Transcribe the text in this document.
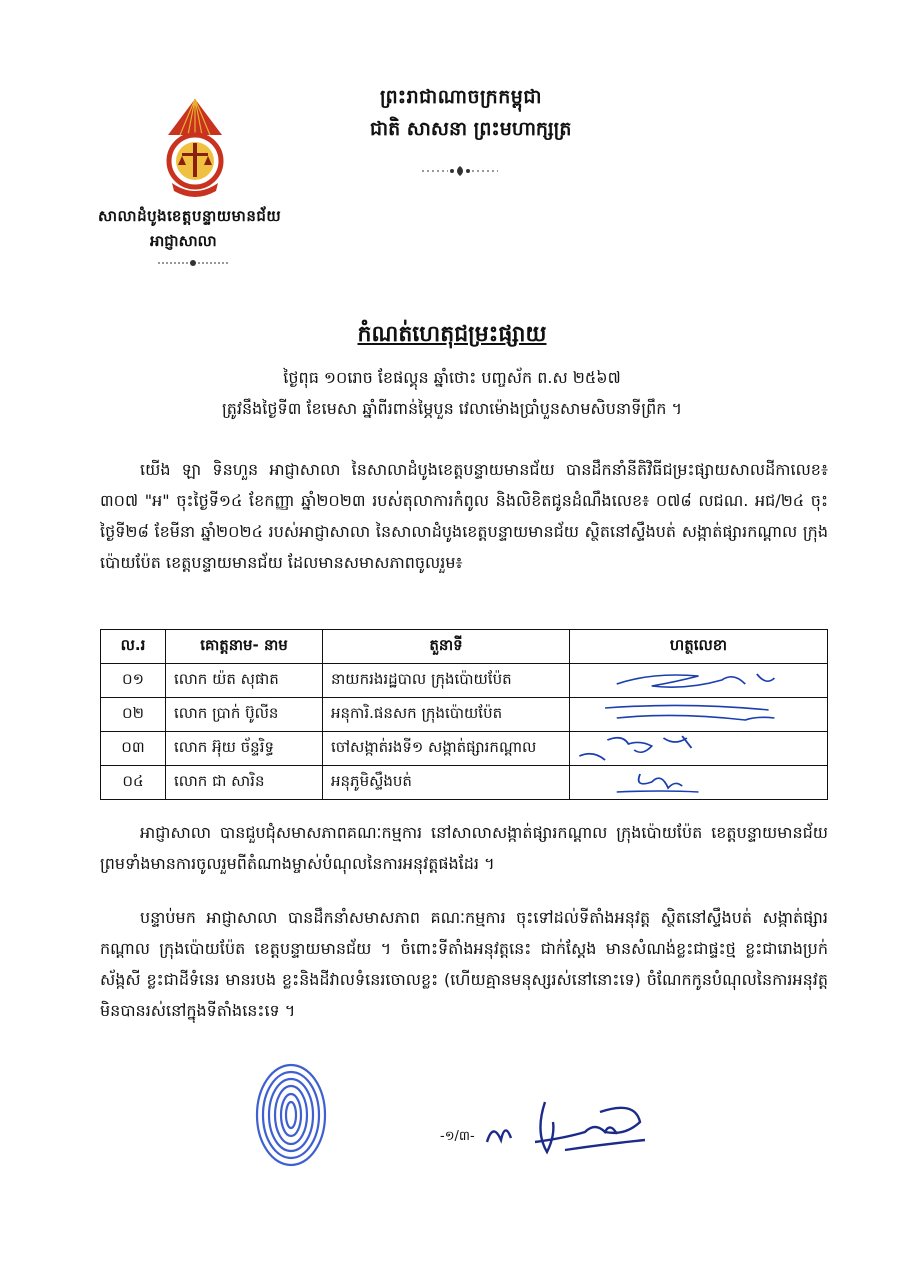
សាលាដំបូងខេត្តបន្ទាយមានជ័យ
អាជ្ញាសាលា
ព្រះរាជាណាចក្រកម្ពុជា
ជាតិ សាសនា ព្រះមហាក្សត្រ
កំណត់ហេតុជម្រះផ្សាយ
ថ្ងៃពុធ ១០រោច ខែផល្គុន ឆ្នាំថោះ បញ្ចស័ក ព.ស ២៥៦៧
ត្រូវនឹងថ្ងៃទី៣ ខែមេសា ឆ្នាំពីរពាន់ម្ភៃបួន វេលាម៉ោងប្រាំបួនសាមសិបនាទីព្រឹក ។
យើង ឡា ទិនហួន អាជ្ញាសាលា នៃសាលាដំបូងខេត្តបន្ទាយមានជ័យ បានដឹកនាំនីតិវិធីជម្រះផ្សាយសាលដីកាលេខ៖ ៣០៧ "អ" ចុះថ្ងៃទី១៤ ខែកញ្ញា ឆ្នាំ២០២៣ របស់តុលាការកំពូល និងលិខិតជូនដំណឹងលេខ៖ ០៧៨ លជណ. អជ/២៤ ចុះថ្ងៃទី២៨ ខែមីនា ឆ្នាំ២០២៤ របស់អាជ្ញាសាលា នៃសាលាដំបូងខេត្តបន្ទាយមានជ័យ ស្ថិតនៅស្ទឹងបត់ សង្កាត់ផ្សារកណ្តាល ក្រុងប៉ោយប៉ែត ខេត្តបន្ទាយមានជ័យ ដែលមានសមាសភាពចូលរួម៖
ល.រ	គោត្តនាម- នាម	តួនាទី	ហត្ថលេខា
០១	លោក យ៉ត សុផាត	នាយករងរដ្ឋបាល ក្រុងប៉ោយប៉ែត	

០២	លោក ប្រាក់ ប៊ូលីន	អនុការិ.ផនសក ក្រុងប៉ោយប៉ែត	

០៣	លោក អ៊ុយ ច័ន្ទរិទ្ធ	ចៅសង្កាត់រងទី១ សង្កាត់ផ្សារកណ្តាល	

០៤	លោក ជា សារិន	អនុភូមិស្ទឹងបត់	
អាជ្ញាសាលា បានជួបជុំសមាសភាពគណៈកម្មការ នៅសាលាសង្កាត់ផ្សារកណ្តាល ក្រុងប៉ោយប៉ែត ខេត្តបន្ទាយមានជ័យ ព្រមទាំងមានការចូលរួមពីតំណាងម្ចាស់បំណុលនៃការអនុវត្តផងដែរ ។
បន្ទាប់មក អាជ្ញាសាលា បានដឹកនាំសមាសភាព គណៈកម្មការ ចុះទៅដល់ទីតាំងអនុវត្ត ស្ថិតនៅស្ទឹងបត់ សង្កាត់ផ្សារកណ្តាល ក្រុងប៉ោយប៉ែត ខេត្តបន្ទាយមានជ័យ ។ ចំពោះទីតាំងអនុវត្តនេះ ជាក់ស្តែង មានសំណង់ខ្លះជាផ្ទះថ្ម ខ្លះជារោងប្រក់ស័ង្កសី ខ្លះជាដីទំនេរ មានរបង ខ្លះនិងដីវាលទំនេរចោលខ្លះ (ហើយគ្មានមនុស្សរស់នៅនោះទេ) ចំណែកកូនបំណុលនៃការអនុវត្ត មិនបានរស់នៅក្នុងទីតាំងនេះទេ ។
-១/៣-
